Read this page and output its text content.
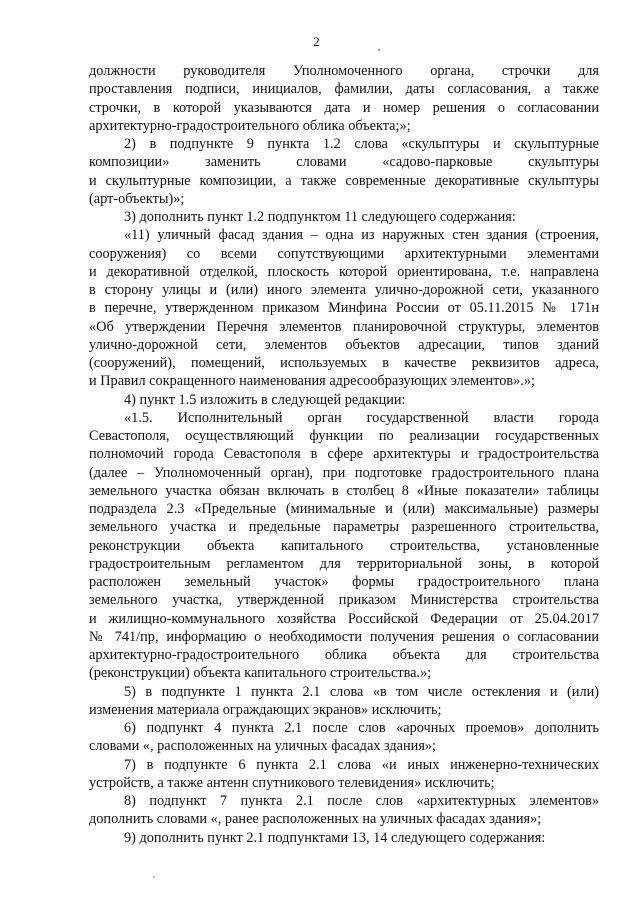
2
должности руководителя Уполномоченного органа, строчки для
проставления подписи, инициалов, фамилии, даты согласования, а также
строчки, в которой указываются дата и номер решения о согласовании
архитектурно-градостроительного облика объекта;»;
2) в подпункте 9 пункта 1.2 слова «скульптуры и скульптурные
композиции» заменить словами «садово-парковые скульптуры
и скульптурные композиции, а также современные декоративные скульптуры
(арт-объекты)»;
3) дополнить пункт 1.2 подпунктом 11 следующего содержания:
«11) уличный фасад здания – одна из наружных стен здания (строения,
сооружения) со всеми сопутствующими архитектурными элементами
и декоративной отделкой, плоскость которой ориентирована, т.е. направлена
в сторону улицы и (или) иного элемента улично-дорожной сети, указанного
в перечне, утвержденном приказом Минфина России от 05.11.2015 № 171н
«Об утверждении Перечня элементов планировочной структуры, элементов
улично-дорожной сети, элементов объектов адресации, типов зданий
(сооружений), помещений, используемых в качестве реквизитов адреса,
и Правил сокращенного наименования адресообразующих элементов».»;
4) пункт 1.5 изложить в следующей редакции:
«1.5. Исполнительный орган государственной власти города
Севастополя, осуществляющий функции по реализации государственных
полномочий города Севастополя в сфере архитектуры и градостроительства
(далее – Уполномоченный орган), при подготовке градостроительного плана
земельного участка обязан включать в столбец 8 «Иные показатели» таблицы
подраздела 2.3 «Предельные (минимальные и (или) максимальные) размеры
земельного участка и предельные параметры разрешенного строительства,
реконструкции объекта капитального строительства, установленные
градостроительным регламентом для территориальной зоны, в которой
расположен земельный участок» формы градостроительного плана
земельного участка, утвержденной приказом Министерства строительства
и жилищно-коммунального хозяйства Российской Федерации от 25.04.2017
№ 741/пр, информацию о необходимости получения решения о согласовании
архитектурно-градостроительного облика объекта для строительства
(реконструкции) объекта капитального строительства.»;
5) в подпункте 1 пункта 2.1 слова «в том числе остекления и (или)
изменения материала ограждающих экранов» исключить;
6) подпункт 4 пункта 2.1 после слов «арочных проемов» дополнить
словами «, расположенных на уличных фасадах здания»;
7) в подпункте 6 пункта 2.1 слова «и иных инженерно-технических
устройств, а также антенн спутникового телевидения» исключить;
8) подпункт 7 пункта 2.1 после слов «архитектурных элементов»
дополнить словами «, ранее расположенных на уличных фасадах здания»;
9) дополнить пункт 2.1 подпунктами 13, 14 следующего содержания:
